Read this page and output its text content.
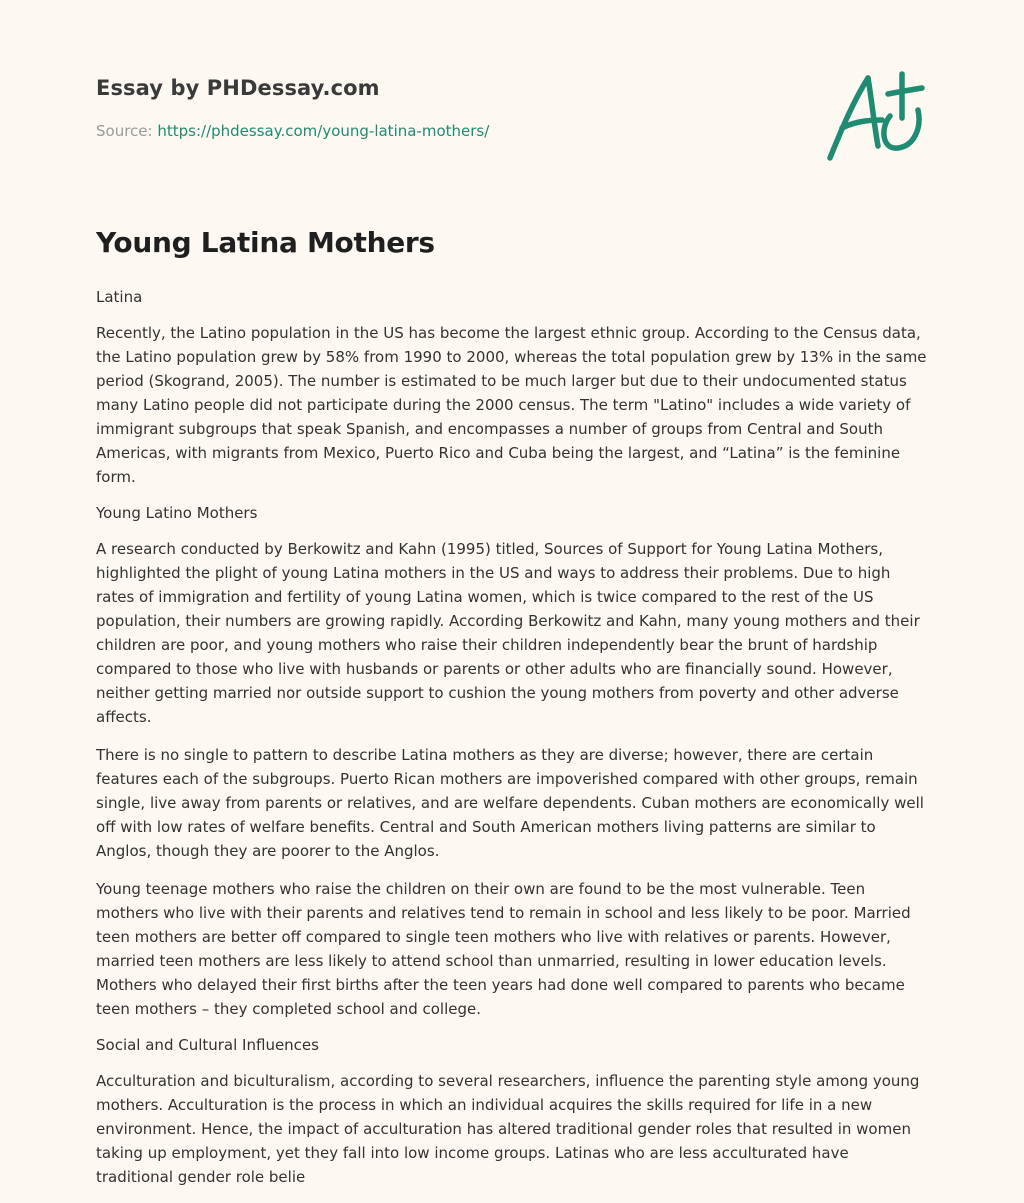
Essay by PHDessay.com
Source: https://phdessay.com/young-latina-mothers/
Young Latina Mothers
Latina

Recently, the Latino population in the US has become the largest ethnic group. According to the Census data, the Latino population grew by 58% from 1990 to 2000, whereas the total population grew by 13% in the same period (Skogrand, 2005). The number is estimated to be much larger but due to their undocumented status many Latino people did not participate during the 2000 census. The term "Latino" includes a wide variety of immigrant subgroups that speak Spanish, and encompasses a number of groups from Central and South Americas, with migrants from Mexico, Puerto Rico and Cuba being the largest, and “Latina” is the feminine form.

Young Latino Mothers

A research conducted by Berkowitz and Kahn (1995) titled, Sources of Support for Young Latina Mothers, highlighted the plight of young Latina mothers in the US and ways to address their problems. Due to high rates of immigration and fertility of young Latina women, which is twice compared to the rest of the US population, their numbers are growing rapidly. According Berkowitz and Kahn, many young mothers and their children are poor, and young mothers who raise their children independently bear the brunt of hardship compared to those who live with husbands or parents or other adults who are financially sound. However, neither getting married nor outside support to cushion the young mothers from poverty and other adverse affects.

There is no single to pattern to describe Latina mothers as they are diverse; however, there are certain features each of the subgroups. Puerto Rican mothers are impoverished compared with other groups, remain single, live away from parents or relatives, and are welfare dependents. Cuban mothers are economically well off with low rates of welfare benefits. Central and South American mothers living patterns are similar to Anglos, though they are poorer to the Anglos.

Young teenage mothers who raise the children on their own are found to be the most vulnerable. Teen mothers who live with their parents and relatives tend to remain in school and less likely to be poor. Married teen mothers are better off compared to single teen mothers who live with relatives or parents. However, married teen mothers are less likely to attend school than unmarried, resulting in lower education levels. Mothers who delayed their first births after the teen years had done well compared to parents who became teen mothers – they completed school and college.

Social and Cultural Influences

Acculturation and biculturalism, according to several researchers, influence the parenting style among young mothers. Acculturation is the process in which an individual acquires the skills required for life in a new environment. Hence, the impact of acculturation has altered traditional gender roles that resulted in women taking up employment, yet they fall into low income groups. Latinas who are less acculturated have traditional gender role belie
